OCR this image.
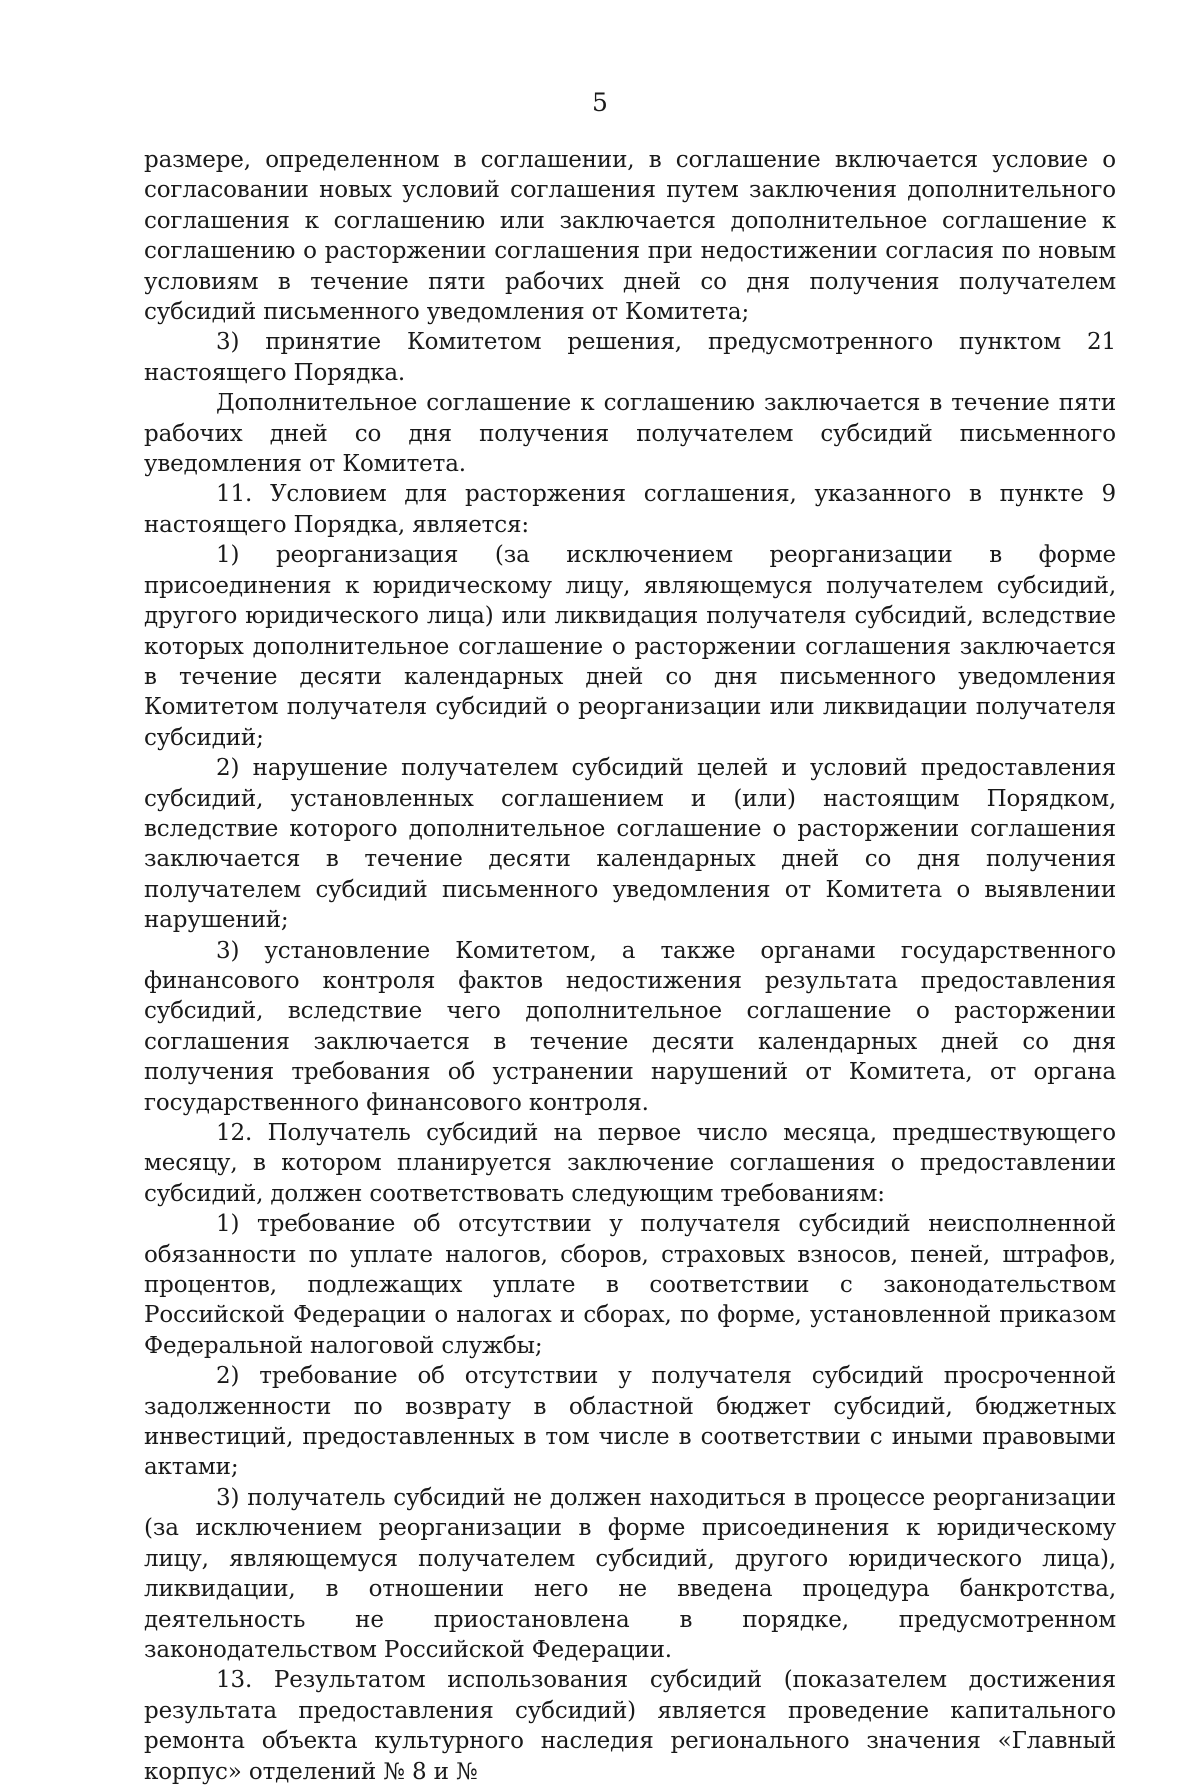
5

размере, определенном в соглашении, в соглашение включается условие о согласовании новых условий соглашения путем заключения дополнительного соглашения к соглашению или заключается дополнительное соглашение к соглашению о расторжении соглашения при недостижении согласия по новым условиям в течение пяти рабочих дней со дня получения получателем субсидий письменного уведомления от Комитета;

3) принятие Комитетом решения, предусмотренного пунктом 21 настоящего Порядка.

Дополнительное соглашение к соглашению заключается в течение пяти рабочих дней со дня получения получателем субсидий письменного уведомления от Комитета.

11. Условием для расторжения соглашения, указанного в пункте 9 настоящего Порядка, является:

1) реорганизация (за исключением реорганизации в форме присоединения к юридическому лицу, являющемуся получателем субсидий, другого юридического лица) или ликвидация получателя субсидий, вследствие которых дополнительное соглашение о расторжении соглашения заключается в течение десяти календарных дней со дня письменного уведомления Комитетом получателя субсидий о реорганизации или ликвидации получателя субсидий;

2) нарушение получателем субсидий целей и условий предоставления субсидий, установленных соглашением и (или) настоящим Порядком, вследствие которого дополнительное соглашение о расторжении соглашения заключается в течение десяти календарных дней со дня получения получателем субсидий письменного уведомления от Комитета о выявлении нарушений;

3) установление Комитетом, а также органами государственного финансового контроля фактов недостижения результата предоставления субсидий, вследствие чего дополнительное соглашение о расторжении соглашения заключается в течение десяти календарных дней со дня получения требования об устранении нарушений от Комитета, от органа государственного финансового контроля.

12. Получатель субсидий на первое число месяца, предшествующего месяцу, в котором планируется заключение соглашения о предоставлении субсидий, должен соответствовать следующим требованиям:

1) требование об отсутствии у получателя субсидий неисполненной обязанности по уплате налогов, сборов, страховых взносов, пеней, штрафов, процентов, подлежащих уплате в соответствии с законодательством Российской Федерации о налогах и сборах, по форме, установленной приказом Федеральной налоговой службы;

2) требование об отсутствии у получателя субсидий просроченной задолженности по возврату в областной бюджет субсидий, бюджетных инвестиций, предоставленных в том числе в соответствии с иными правовыми актами;

3) получатель субсидий не должен находиться в процессе реорганизации (за исключением реорганизации в форме присоединения к юридическому лицу, являющемуся получателем субсидий, другого юридического лица), ликвидации, в отношении него не введена процедура банкротства, деятельность не приостановлена в порядке, предусмотренном законодательством Российской Федерации.

13. Результатом использования субсидий (показателем достижения результата предоставления субсидий) является проведение капитального ремонта объекта культурного наследия регионального значения «Главный корпус» отделений № 8 и №
